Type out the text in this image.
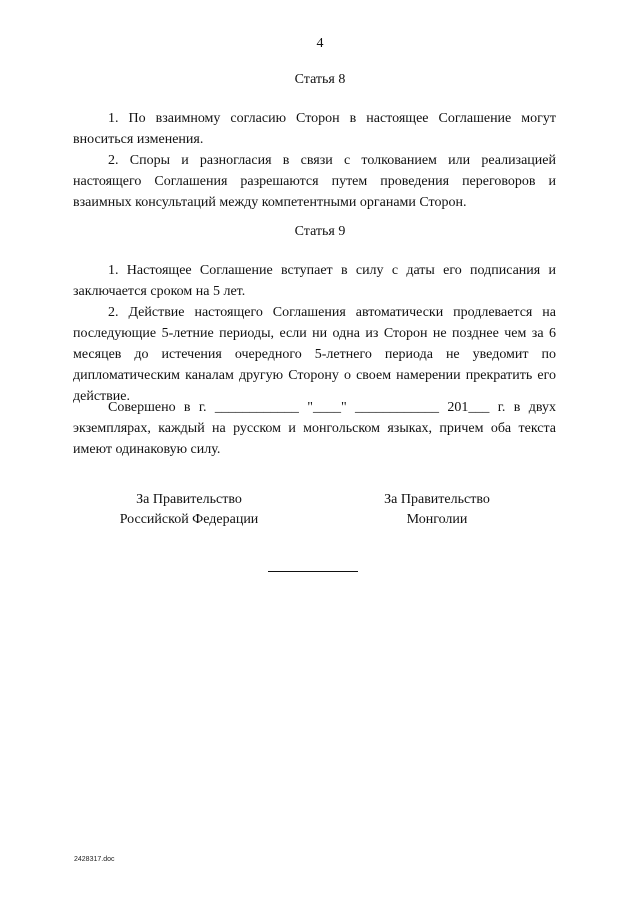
4
Статья 8

1. По взаимному согласию Сторон в настоящее Соглашение могут вноситься изменения.

2. Споры и разногласия в связи с толкованием или реализацией настоящего Соглашения разрешаются путем проведения переговоров и взаимных консультаций между компетентными органами Сторон.

Статья 9

1. Настоящее Соглашение вступает в силу с даты его подписания и заключается сроком на 5 лет.

2. Действие настоящего Соглашения автоматически продлевается на последующие 5-летние периоды, если ни одна из Сторон не позднее чем за 6 месяцев до истечения очередного 5-летнего периода не уведомит по дипломатическим каналам другую Сторону о своем намерении прекратить его действие.

Совершено в г. ____________ "____" ____________ 201___ г. в двух экземплярах, каждый на русском и монгольском языках, причем оба текста имеют одинаковую силу.

За Правительство
Российской Федерации
За Правительство
Монголии
2428317.doc
